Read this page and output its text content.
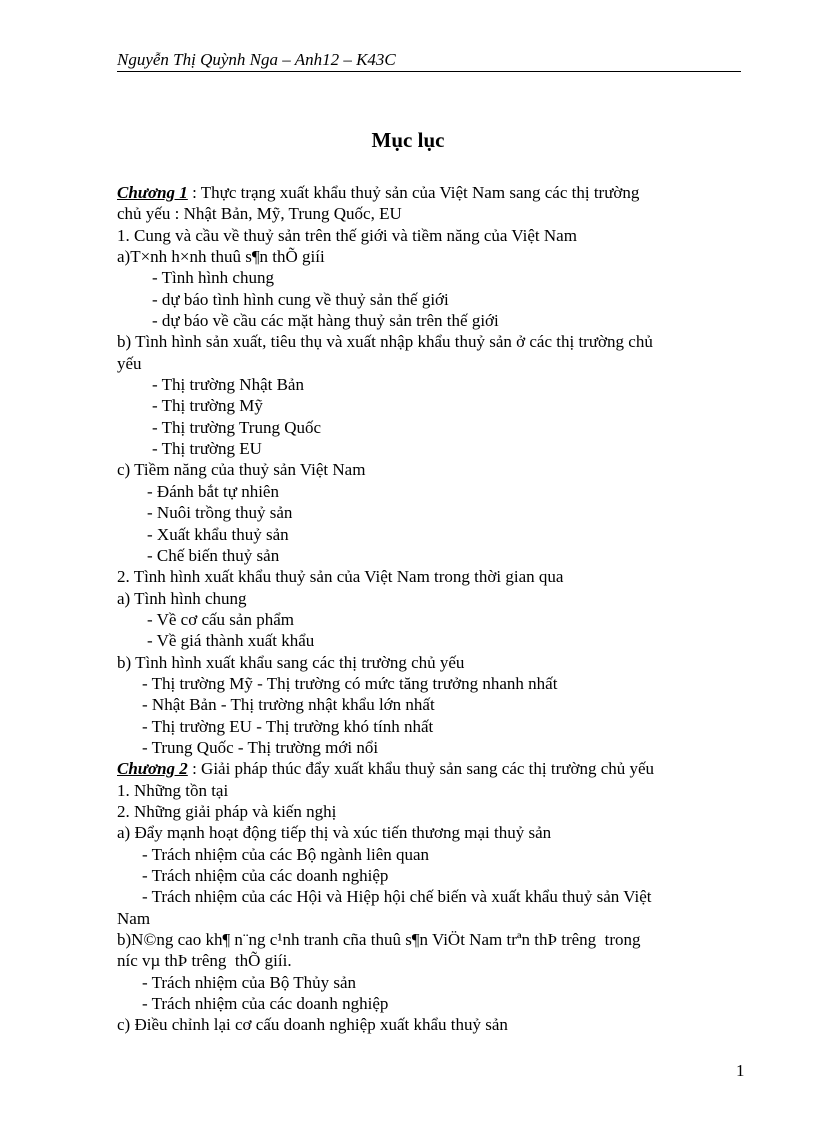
Nguyễn Thị Quỳnh Nga – Anh12 – K43C
Mục lục
Chương 1 : Thực trạng xuất khẩu thuỷ sản của Việt Nam sang các thị trường
chủ yếu : Nhật Bản, Mỹ, Trung Quốc, EU
1. Cung và cầu về thuỷ sản trên thế giới và tiềm năng của Việt Nam
a)T×nh h×nh thuû s¶n thÕ giíi
- Tình hình chung
- dự báo tình hình cung về thuỷ sản thế giới
- dự báo về cầu các mặt hàng thuỷ sản trên thế giới
b) Tình hình sản xuất, tiêu thụ và xuất nhập khẩu thuỷ sản ở các thị trường chủ
yếu
- Thị trường Nhật Bản
- Thị trường Mỹ
- Thị trường Trung Quốc
- Thị trường EU
c) Tiềm năng của thuỷ sản Việt Nam
- Đánh bắt tự nhiên
- Nuôi trồng thuỷ sản
- Xuất khẩu thuỷ sản
- Chế biến thuỷ sản
2. Tình hình xuất khẩu thuỷ sản của Việt Nam trong thời gian qua
a) Tình hình chung
- Về cơ cấu sản phẩm
- Về giá thành xuất khẩu
b) Tình hình xuất khẩu sang các thị trường chủ yếu
- Thị trường Mỹ - Thị trường có mức tăng trưởng nhanh nhất
- Nhật Bản - Thị trường nhật khẩu lớn nhất
- Thị trường EU - Thị trường khó tính nhất
- Trung Quốc - Thị trường mới nổi
Chương 2 : Giải pháp thúc đẩy xuất khẩu thuỷ sản sang các thị trường chủ yếu
1. Những tồn tại
2. Những giải pháp và kiến nghị
a) Đẩy mạnh hoạt động tiếp thị và xúc tiến thương mại thuỷ sản
- Trách nhiệm của các Bộ ngành liên quan
- Trách nhiệm của các doanh nghiệp
- Trách nhiệm của các Hội và Hiệp hội chế biến và xuất khẩu thuỷ sản Việt
Nam
b)N©ng cao kh¶ n¨ng c¹nh tranh cña thuû s¶n ViÖt Nam trªn thÞ trêng  trong
níc vµ thÞ trêng  thÕ giíi.
- Trách nhiệm của Bộ Thủy sản
- Trách nhiệm của các doanh nghiệp
c) Điều chỉnh lại cơ cấu doanh nghiệp xuất khẩu thuỷ sản
1
